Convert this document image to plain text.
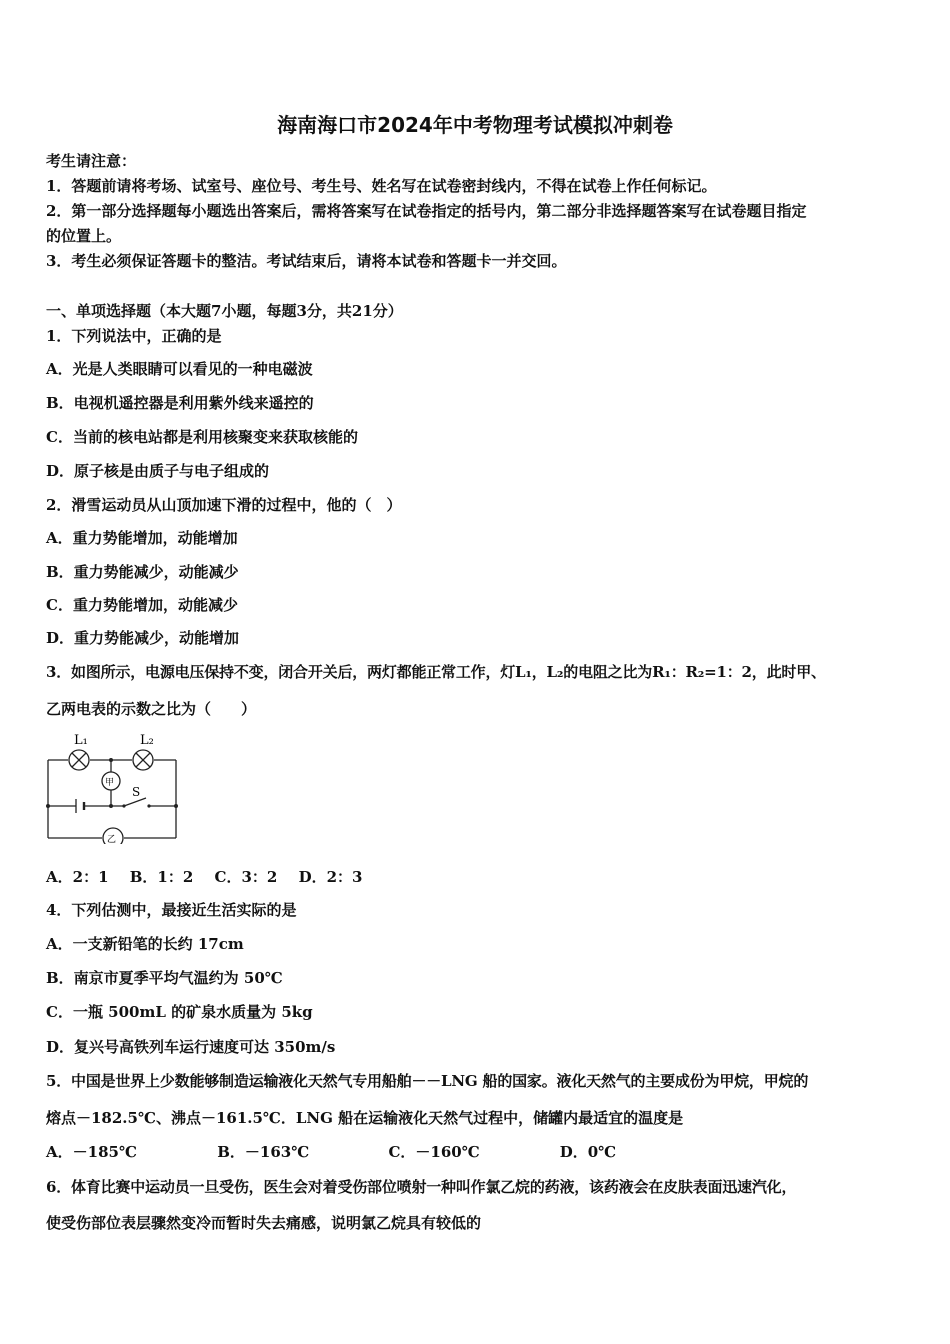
海南海口市2024年中考物理考试模拟冲刺卷

考生请注意：

1．答题前请将考场、试室号、座位号、考生号、姓名写在试卷密封线内，不得在试卷上作任何标记。

2．第一部分选择题每小题选出答案后，需将答案写在试卷指定的括号内，第二部分非选择题答案写在试卷题目指定

的位置上。

3．考生必须保证答题卡的整洁。考试结束后，请将本试卷和答题卡一并交回。

一、单项选择题（本大题7小题，每题3分，共21分）

1．下列说法中，正确的是

A．光是人类眼睛可以看见的一种电磁波

B．电视机遥控器是利用紫外线来遥控的

C．当前的核电站都是利用核聚变来获取核能的

D．原子核是由质子与电子组成的

2．滑雪运动员从山顶加速下滑的过程中，他的（　）

A．重力势能增加，动能增加

B．重力势能减少，动能减少

C．重力势能增加，动能减少

D．重力势能减少，动能增加

3．如图所示，电源电压保持不变，闭合开关后，两灯都能正常工作，灯L₁，L₂的电阻之比为R₁：R₂=1：2，此时甲、

乙两电表的示数之比为（　　）

L₁	L₂
甲
乙
S
A．2：1 B．1：2 C．3：2 D．2：3

4．下列估测中，最接近生活实际的是

A．一支新铅笔的长约 17cm

B．南京市夏季平均气温约为 50℃

C．一瓶 500mL 的矿泉水质量为 5kg

D．复兴号高铁列车运行速度可达 350m/s

5．中国是世界上少数能够制造运输液化天然气专用船舶－－LNG 船的国家。液化天然气的主要成份为甲烷，甲烷的

熔点－182.5℃、沸点－161.5℃．LNG 船在运输液化天然气过程中，储罐内最适宜的温度是

A．－185℃	B．－163℃	C．－160℃	D．0℃

6．体育比赛中运动员一旦受伤，医生会对着受伤部位喷射一种叫作氯乙烷的药液，该药液会在皮肤表面迅速汽化，

使受伤部位表层骤然变冷而暂时失去痛感，说明氯乙烷具有较低的
